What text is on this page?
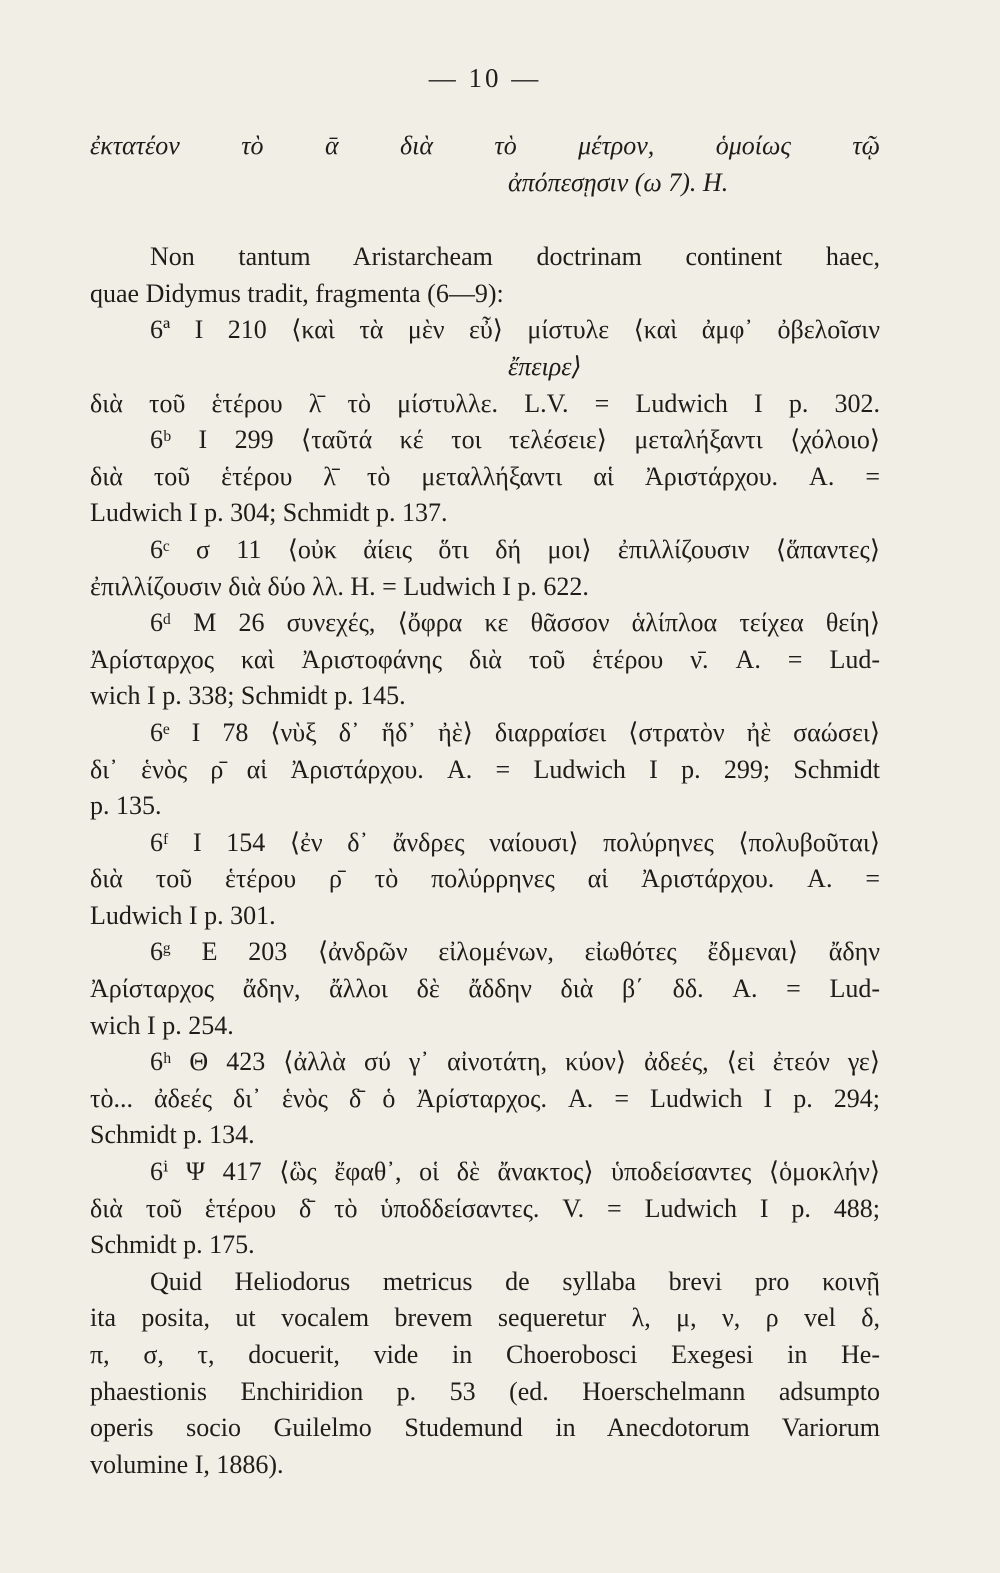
— 10 —
ἐκτατέον τὸ ᾱ διὰ τὸ μέτρον, ὁμοίως τῷ
ἀπόπεσῃσιν (ω 7). H.
Non tantum Aristarcheam doctrinam continent haec,
quae Didymus tradit, fragmenta (6—9):
6ª I 210 ⟨καὶ τὰ μὲν εὖ⟩ μίστυλε ⟨καὶ ἀμφ᾽ ὀβελοῖσιν
ἔπειρε⟩
διὰ τοῦ ἑτέρου λ̄ τὸ μίστυλλε. L.V. = Ludwich I p. 302.
6ᵇ I 299 ⟨ταῦτά κέ τοι τελέσειε⟩ μεταλήξαντι ⟨χόλοιο⟩
διὰ τοῦ ἑτέρου λ̄ τὸ μεταλλήξαντι αἱ Ἀριστάρχου. A. =
Ludwich I p. 304; Schmidt p. 137.
6ᶜ σ 11 ⟨οὐκ ἀίεις ὅτι δή μοι⟩ ἐπιλλίζουσιν ⟨ἅπαντες⟩
ἐπιλλίζουσιν διὰ δύο λλ. H. = Ludwich I p. 622.
6ᵈ M 26 συνεχές, ⟨ὄφρα κε θᾶσσον ἁλίπλοα τείχεα θείη⟩
Ἀρίσταρχος καὶ Ἀριστοφάνης διὰ τοῦ ἑτέρου ν̄. A. = Lud-
wich I p. 338; Schmidt p. 145.
6ᵉ I 78 ⟨νὺξ δ᾽ ἥδ᾽ ἠὲ⟩ διαρραίσει ⟨στρατὸν ἠὲ σαώσει⟩
δι᾽ ἑνὸς ρ̄ αἱ Ἀριστάρχου. A. = Ludwich I p. 299; Schmidt
p. 135.
6ᶠ I 154 ⟨ἐν δ᾽ ἄνδρες ναίουσι⟩ πολύρηνες ⟨πολυβοῦται⟩
διὰ τοῦ ἑτέρου ρ̄ τὸ πολύρρηνες αἱ Ἀριστάρχου. A. =
Ludwich I p. 301.
6ᵍ E 203 ⟨ἀνδρῶν εἰλομένων, εἰωθότες ἔδμεναι⟩ ἄδην
Ἀρίσταρχος ἄδην, ἄλλοι δὲ ἄδδην διὰ β΄ δδ. A. = Lud-
wich I p. 254.
6ʰ Θ 423 ⟨ἀλλὰ σύ γ᾽ αἰνοτάτη, κύον⟩ ἀδεές, ⟨εἰ ἐτεόν γε⟩
τὸ... ἀδεές δι᾽ ἑνὸς δ̄ ὁ Ἀρίσταρχος. A. = Ludwich I p. 294;
Schmidt p. 134.
6ⁱ Ψ 417 ⟨ὣς ἔφαθ᾽, οἱ δὲ ἄνακτος⟩ ὑποδείσαντες ⟨ὁμοκλήν⟩
διὰ τοῦ ἑτέρου δ̄ τὸ ὑποδδείσαντες. V. = Ludwich I p. 488;
Schmidt p. 175.
Quid Heliodorus metricus de syllaba brevi pro κοινῇ
ita posita, ut vocalem brevem sequeretur λ, μ, ν, ρ vel δ,
π, σ, τ, docuerit, vide in Choerobosci Exegesi in He-
phaestionis Enchiridion p. 53 (ed. Hoerschelmann adsumpto
operis socio Guilelmo Studemund in Anecdotorum Variorum
volumine I, 1886).
